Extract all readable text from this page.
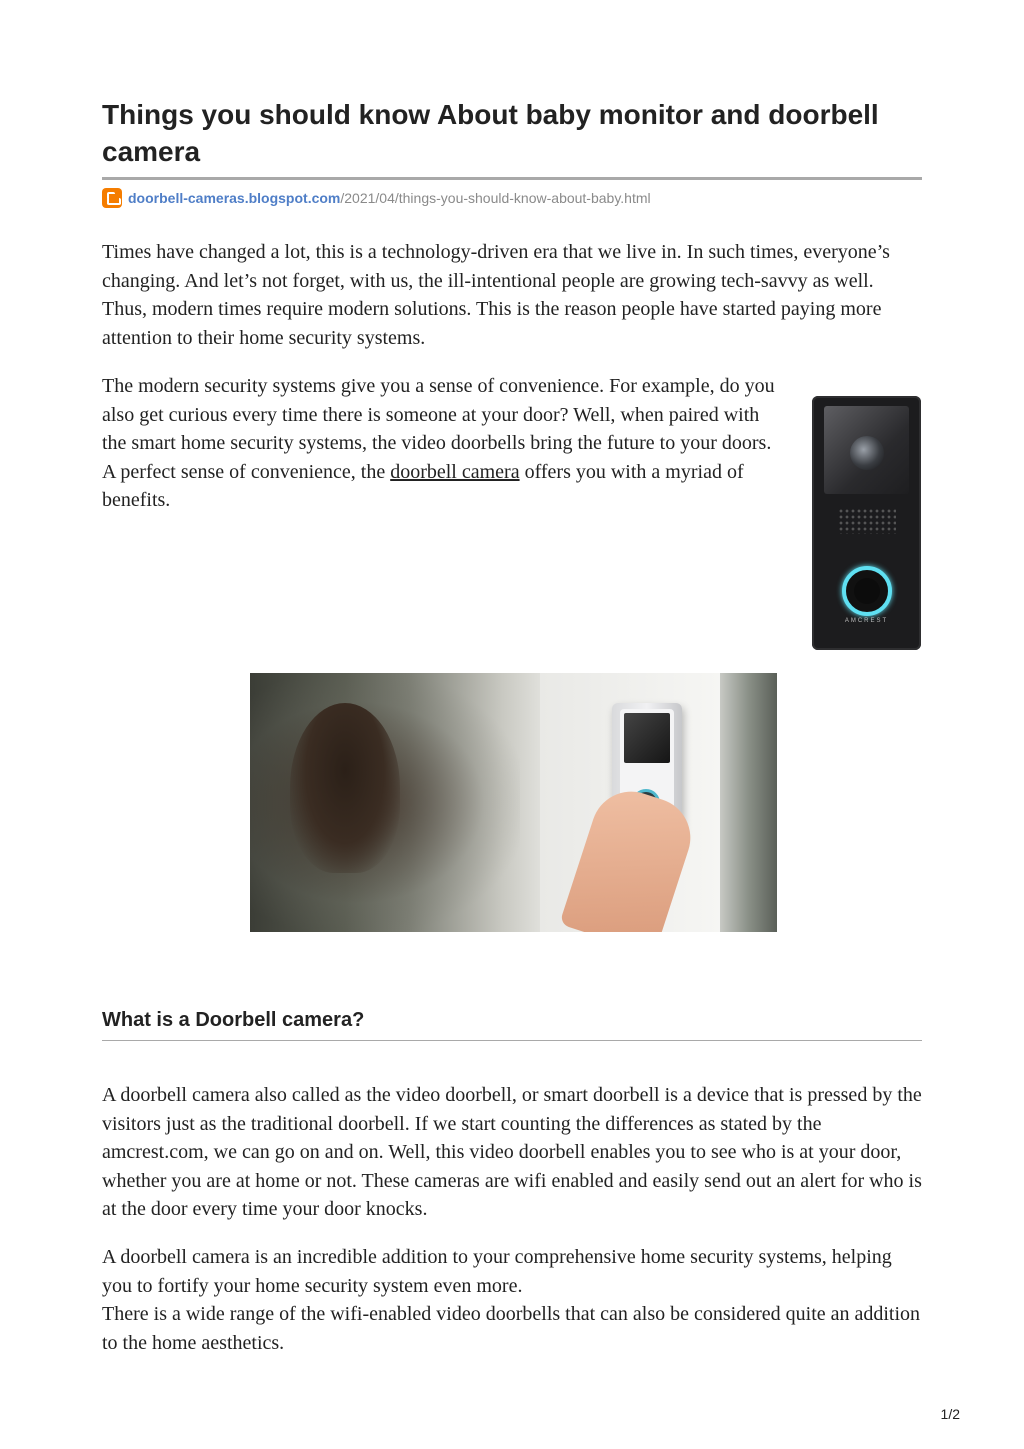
Things you should know About baby monitor and doorbell camera
doorbell-cameras.blogspot.com /2021/04/things-you-should-know-about-baby.html

Times have changed a lot, this is a technology-driven era that we live in. In such times, everyone’s changing. And let’s not forget, with us, the ill-intentional people are growing tech-savvy as well. Thus, modern times require modern solutions. This is the reason people have started paying more attention to their home security systems.

The modern security systems give you a sense of convenience. For example, do you also get curious every time there is someone at your door? Well, when paired with the smart home security systems, the video doorbells bring the future to your doors. A perfect sense of convenience, the doorbell camera offers you with a myriad of benefits.

AMCREST
What is a Doorbell camera?

A doorbell camera also called as the video doorbell, or smart doorbell is a device that is pressed by the visitors just as the traditional doorbell. If we start counting the differences as stated by the amcrest.com, we can go on and on. Well, this video doorbell enables you to see who is at your door, whether you are at home or not. These cameras are wifi enabled and easily send out an alert for who is at the door every time your door knocks.

A doorbell camera is an incredible addition to your comprehensive home security systems, helping you to fortify your home security system even more.

There is a wide range of the wifi-enabled video doorbells that can also be considered quite an addition to the home aesthetics.

1/2
